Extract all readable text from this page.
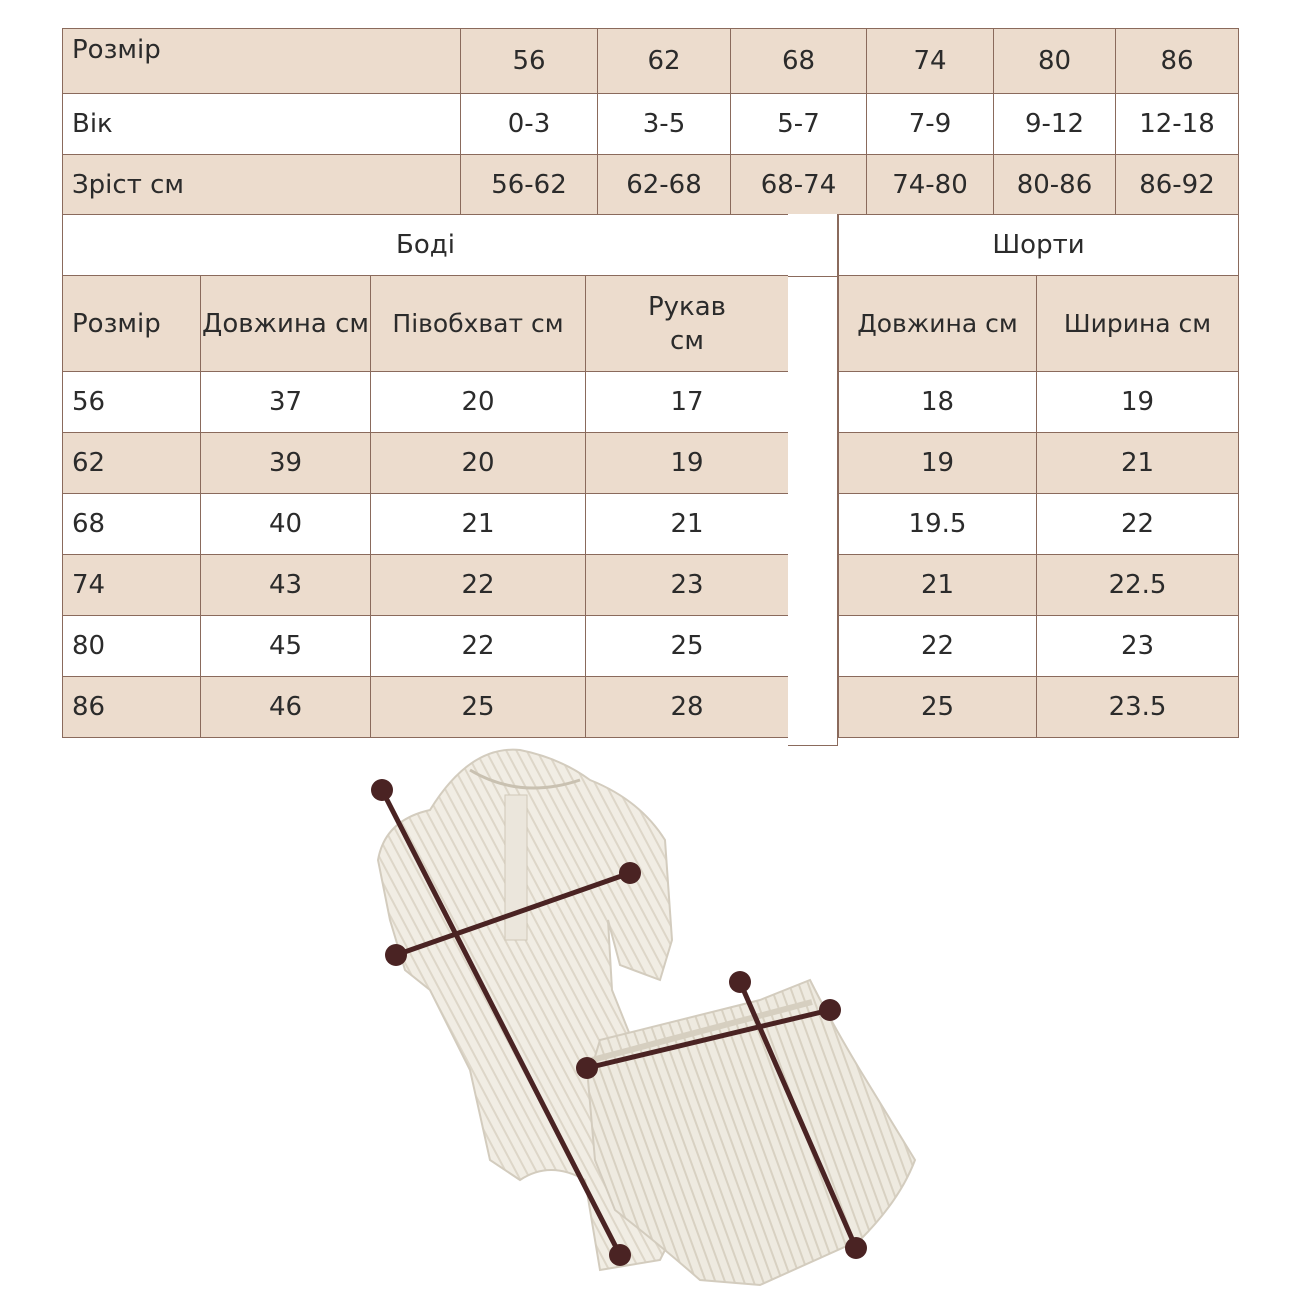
Розмір	56	62	68	74	80	86
Вік	0-3	3-5	5-7	7-9	9-12	12-18
Зріст см	56-62	62-68	68-74	74-80	80-86	86-92
Боді			
Розмір	Довжина см	Півобхват см	Рукав см
56	37	20	17
62	39	20	19
68	40	21	21
74	43	22	23
80	45	22	25
86	46	25	28
Шорти	
Довжина см	Ширина см
18	19
19	21
19.5	22
21	22.5
22	23
25	23.5
